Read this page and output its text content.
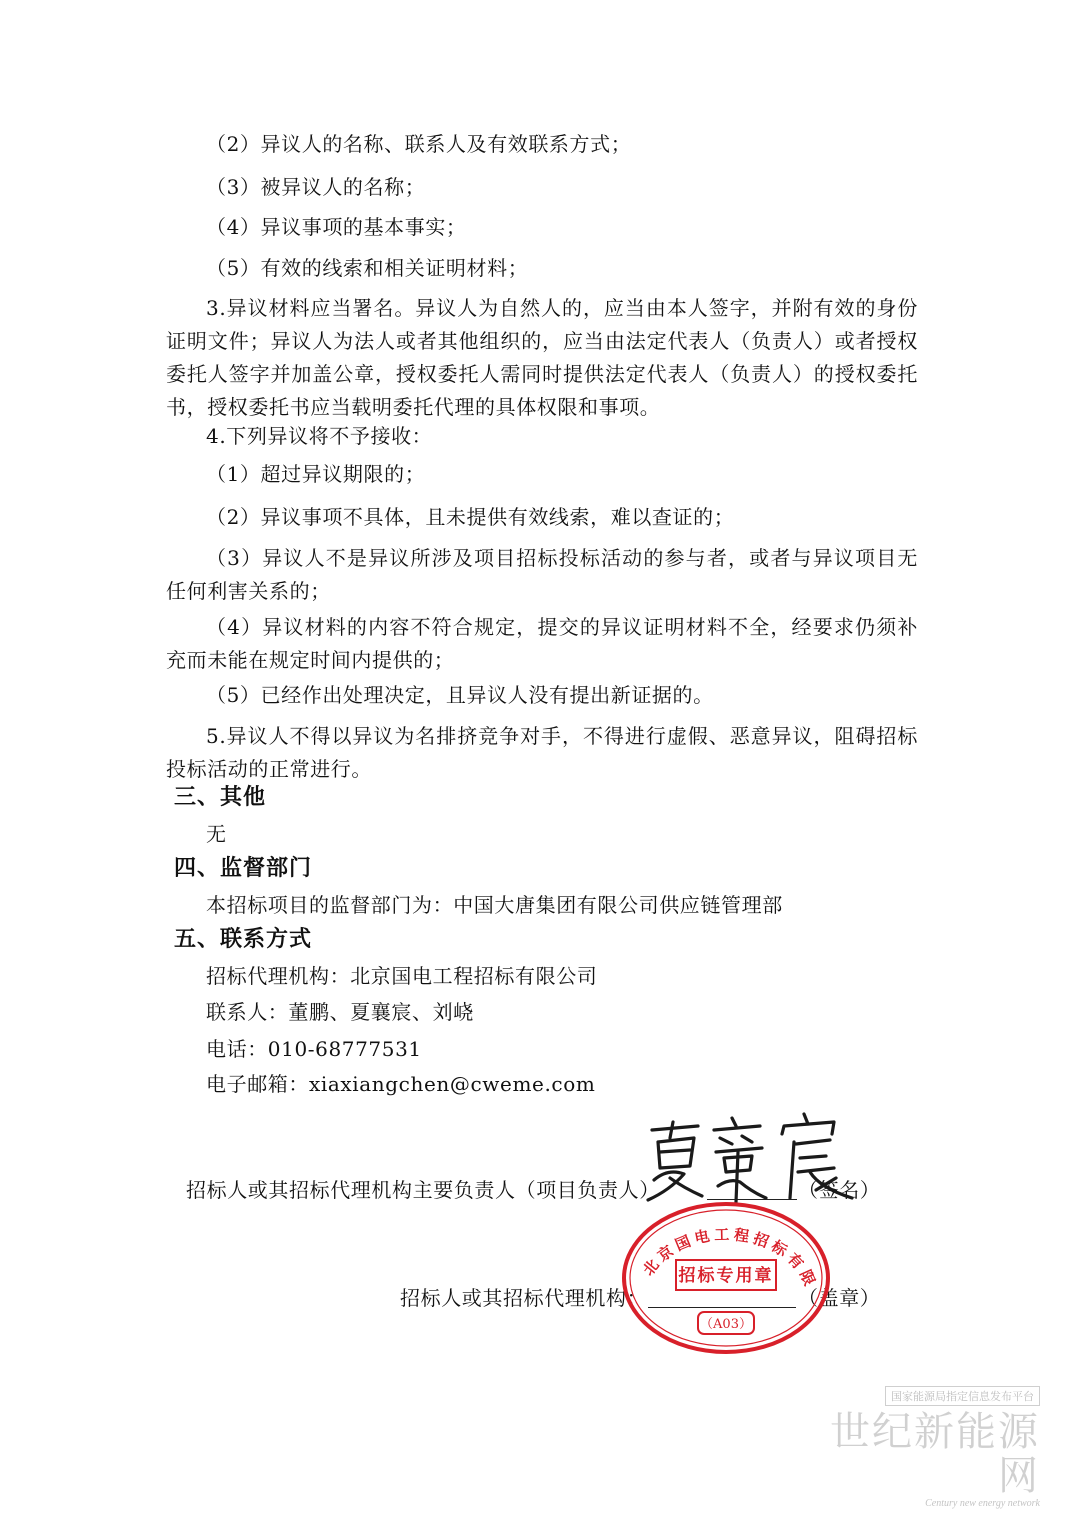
（2）异议人的名称、联系人及有效联系方式；
（3）被异议人的名称；
（4）异议事项的基本事实；
（5）有效的线索和相关证明材料；
3.异议材料应当署名。异议人为自然人的，应当由本人签字，并附有效的身份证明文件；异议人为法人或者其他组织的，应当由法定代表人（负责人）或者授权委托人签字并加盖公章，授权委托人需同时提供法定代表人（负责人）的授权委托书，授权委托书应当载明委托代理的具体权限和事项。
4.下列异议将不予接收：
（1）超过异议期限的；
（2）异议事项不具体，且未提供有效线索，难以查证的；
（3）异议人不是异议所涉及项目招标投标活动的参与者，或者与异议项目无任何利害关系的；
（4）异议材料的内容不符合规定，提交的异议证明材料不全，经要求仍须补充而未能在规定时间内提供的；
（5）已经作出处理决定，且异议人没有提出新证据的。
5.异议人不得以异议为名排挤竞争对手，不得进行虚假、恶意异议，阻碍招标投标活动的正常进行。
三、其他
无
四、监督部门
本招标项目的监督部门为：中国大唐集团有限公司供应链管理部
五、联系方式
招标代理机构：北京国电工程招标有限公司
联系人：董鹏、夏襄宸、刘峣
电话：010-68777531
电子邮箱：xiaxiangchen@cweme.com
招标人或其招标代理机构主要负责人（项目负责人）	（签名）
招标人或其招标代理机构：	（盖章）
北京国电工程招标有限
招标专用章
（A03）
国家能源局指定信息发布平台
世纪新能源网
Century new energy network
